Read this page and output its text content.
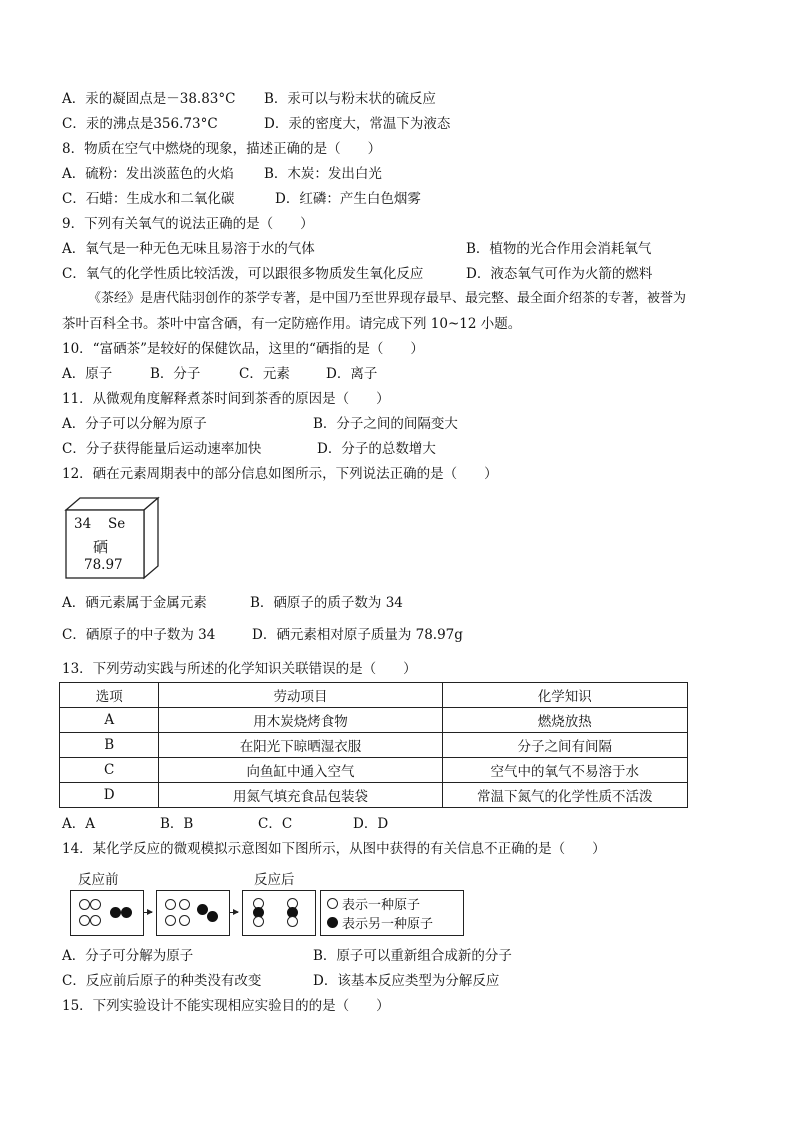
A．汞的凝固点是－38.83°C B．汞可以与粉末状的硫反应
C．汞的沸点是356.73°C	D．汞的密度大，常温下为液态
8．物质在空气中燃烧的现象，描述正确的是（　　）
A．硫粉：发出淡蓝色的火焰 B．木炭：发出白光
C．石蜡：生成水和二氧化碳	D．红磷：产生白色烟雾
9．下列有关氧气的说法正确的是（　　）
A．氧气是一种无色无味且易溶于水的气体	B．植物的光合作用会消耗氧气
C．氧气的化学性质比较活泼，可以跟很多物质发生氧化反应	D．液态氧气可作为火箭的燃料
《茶经》是唐代陆羽创作的茶学专著，是中国乃至世界现存最早、最完整、最全面介绍茶的专著，被誉为
茶叶百科全书。茶叶中富含硒，有一定防癌作用。请完成下列 10~12 小题。
10．“富硒茶”是较好的保健饮品，这里的“硒指的是（　　）
A．原子	B．分子	C．元素	D．离子
11．从微观角度解释煮茶时间到茶香的原因是（　　）
A．分子可以分解为原子	B．分子之间的间隔变大
C．分子获得能量后运动速率加快	D．分子的总数增大
12．硒在元素周期表中的部分信息如图所示，下列说法正确的是（　　）
34 Se
硒
78.97
A．硒元素属于金属元素	B．硒原子的质子数为 34
C．硒原子的中子数为 34	D．硒元素相对原子质量为 78.97g
13．下列劳动实践与所述的化学知识关联错误的是（　　）
选项	劳动项目	化学知识
A	用木炭烧烤食物	燃烧放热
B	在阳光下晾晒湿衣服	分子之间有间隔
C	向鱼缸中通入空气	空气中的氧气不易溶于水
D	用氮气填充食品包装袋	常温下氮气的化学性质不活泼
A．A	B．B	C．C	D．D
14．某化学反应的微观模拟示意图如下图所示，从图中获得的有关信息不正确的是（　　）
反应前	反应后
表示一种原子
表示另一种原子
A．分子可分解为原子	B．原子可以重新组合成新的分子
C．反应前后原子的种类没有改变	D．该基本反应类型为分解反应
15．下列实验设计不能实现相应实验目的的是（　　）
